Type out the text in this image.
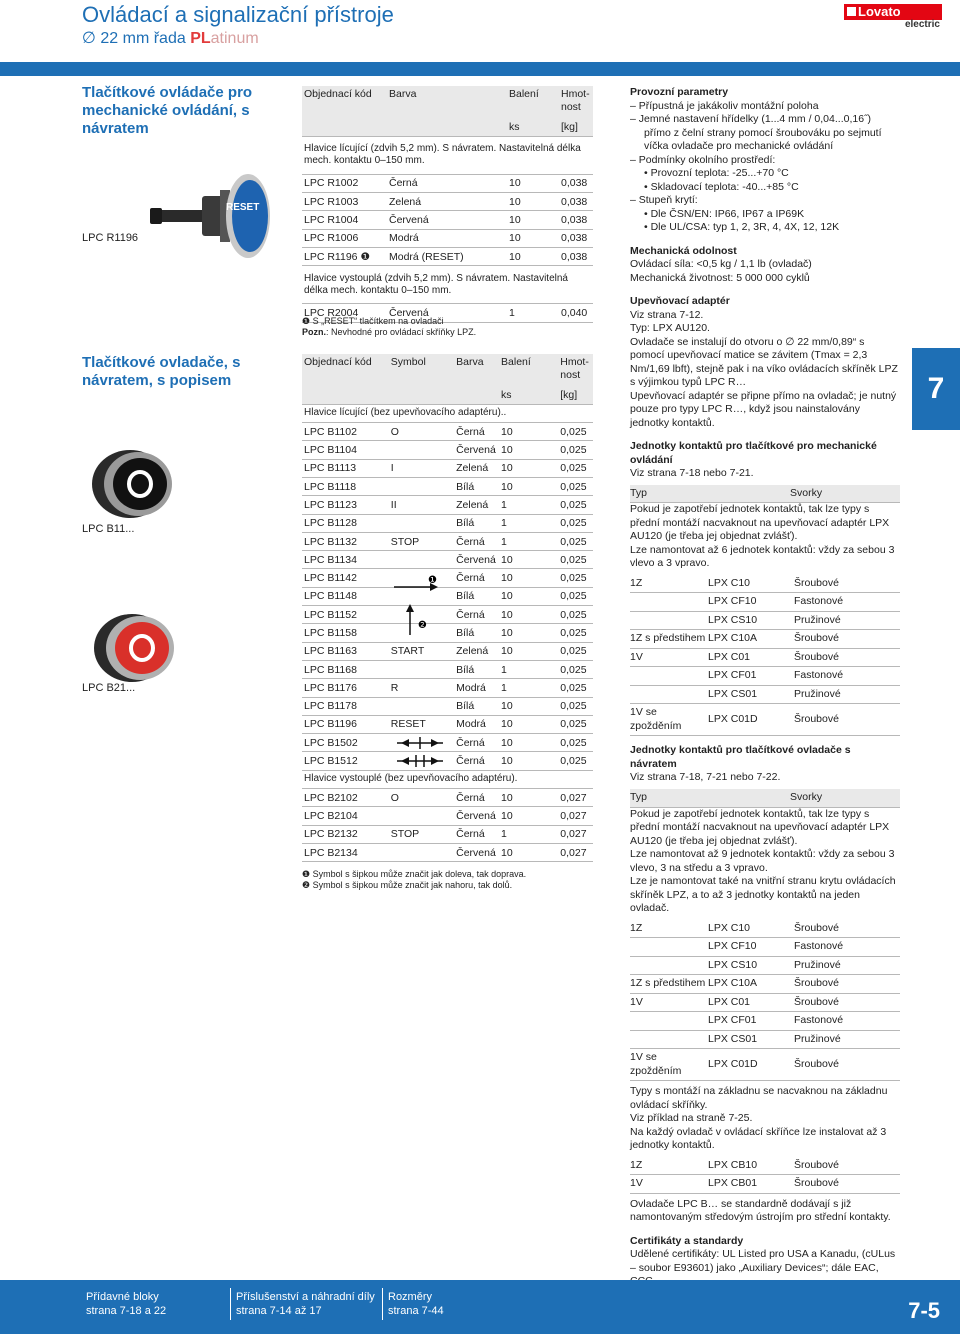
Ovládací a signalizační přístroje
∅ 22 mm řada PLatinum
Lovato
electric
Tlačítkové ovládače pro mechanické ovládání, s návratem
Tlačítkové ovladače, s návratem, s popisem
LPC R1196
LPC B11...
LPC B21...
RESET
Objednací kód	Barva	Balení	Hmot-nost
		ks	[kg]
Hlavice lícující (zdvih 5,2 mm). S návratem. Nastavitelná délka mech. kontaktu 0–150 mm.			
LPC R1002	Černá	10	0,038
LPC R1003	Zelená	10	0,038
LPC R1004	Červená	10	0,038
LPC R1006	Modrá	10	0,038
LPC R1196 ❶	Modrá (RESET)	10	0,038
Hlavice vystouplá (zdvih 5,2 mm). S návratem. Nastavitelná délka mech. kontaktu 0–150 mm.			
LPC R2004	Červená	1	0,040
❶ S „RESET“ tlačítkem na ovladači
Pozn.: Nevhodné pro ovládací skříňky LPZ.
Objednací kód	Symbol	Barva	Balení	Hmot-nost
			ks	[kg]
Hlavice lícující (bez upevňovacího adaptéru)..				
LPC B1102	O	Černá	10	0,025
LPC B1104		Červená	10	0,025
LPC B1113	I	Zelená	10	0,025
LPC B1118		Bílá	10	0,025
LPC B1123	II	Zelená	1	0,025
LPC B1128		Bílá	1	0,025
LPC B1132	STOP	Černá	1	0,025
LPC B1134		Červená	10	0,025
LPC B1142		Černá	10	0,025
LPC B1148		Bílá	10	0,025
LPC B1152		Černá	10	0,025
LPC B1158		Bílá	10	0,025
LPC B1163	START	Zelená	10	0,025
LPC B1168		Bílá	1	0,025
LPC B1176	R	Modrá	1	0,025
LPC B1178		Bílá	10	0,025
LPC B1196	RESET	Modrá	10	0,025
LPC B1502		Černá	10	0,025
LPC B1512		Černá	10	0,025
Hlavice vystouplé (bez upevňovacího adaptéru).				
LPC B2102	O	Černá	10	0,027
LPC B2104		Červená	10	0,027
LPC B2132	STOP	Černá	1	0,027
LPC B2134		Červená	10	0,027
❶
❷
❶ Symbol s šipkou může značit jak doleva, tak doprava.
❷ Symbol s šipkou může značit jak nahoru, tak dolů.
Provozní parametry
– Přípustná je jakákoliv montážní poloha
– Jemné nastavení hřídelky (1...4 mm / 0,04...0,16˝) přímo z čelní strany pomocí šroubováku po sejmutí víčka ovladače pro mechanické ovládání
– Podmínky okolního prostředí:
• Provozní teplota: -25...+70 °C
• Skladovací teplota: -40...+85 °C
– Stupeň krytí:
• Dle ČSN/EN: IP66, IP67 a IP69K
• Dle UL/CSA: typ 1, 2, 3R, 4, 4X, 12, 12K
Mechanická odolnost
Ovládací síla: <0,5 kg / 1,1 lb (ovladač)
Mechanická životnost: 5 000 000 cyklů
Upevňovací adaptér
Viz strana 7-12.
Typ: LPX AU120.
Ovladače se instalují do otvoru o ∅ 22 mm/0,89“ s pomocí upevňovací matice se závitem (Tmax = 2,3 Nm/1,69 lbft), stejně pak i na víko ovládacích skříněk LPZ s výjimkou typů LPC R…
Upevňovací adaptér se připne přímo na ovladač; je nutný pouze pro typy LPC R…, když jsou nainstalovány jednotky kontaktů.
Jednotky kontaktů pro tlačítkové pro mechanické ovládání
Viz strana 7-18 nebo 7-21.
Typ	Svorky
Pokud je zapotřebí jednotek kontaktů, tak lze typy s přední montáží nacvaknout na upevňovací adaptér LPX AU120 (je třeba jej objednat zvlášť).
Lze namontovat až 6 jednotek kontaktů: vždy za sebou 3 vlevo a 3 vpravo.
1Z	LPX C10	Šroubové
	LPX CF10	Fastonové
	LPX CS10	Pružinové
1Z s předstihem	LPX C10A	Šroubové
1V	LPX C01	Šroubové
	LPX CF01	Fastonové
	LPX CS01	Pružinové
1V se zpožděním	LPX C01D	Šroubové
Jednotky kontaktů pro tlačítkové ovladače s návratem
Viz strana 7-18, 7-21 nebo 7-22.
Typ	Svorky
Pokud je zapotřebí jednotek kontaktů, tak lze typy s přední montáží nacvaknout na upevňovací adaptér LPX AU120 (je třeba jej objednat zvlášť).
Lze namontovat až 9 jednotek kontaktů: vždy za sebou 3 vlevo, 3 na středu a 3 vpravo.
Lze je namontovat také na vnitřní stranu krytu ovládacích skříněk LPZ, a to až 3 jednotky kontaktů na jeden ovladač.
1Z	LPX C10	Šroubové
	LPX CF10	Fastonové
	LPX CS10	Pružinové
1Z s předstihem	LPX C10A	Šroubové
1V	LPX C01	Šroubové
	LPX CF01	Fastonové
	LPX CS01	Pružinové
1V se zpožděním	LPX C01D	Šroubové
Typy s montáží na základnu se nacvaknou na základnu ovládací skříňky.
Viz příklad na straně 7-25.
Na každý ovladač v ovládací skříňce lze instalovat až 3 jednotky kontaktů.
1Z	LPX CB10	Šroubové
1V	LPX CB01	Šroubové
Ovladače LPC B… se standardně dodávají s již namontovaným středovým ústrojím pro střední kontakty.
Certifikáty a standardy
Udělené certifikáty: UL Listed pro USA a Kanadu, (cULus – soubor E93601) jako „Auxiliary Devices“; dále EAC,

7
Přídavné bloky
strana 7-18 a 22
Příslušenství a náhradní díly
strana 7-14 až 17
Rozměry
strana 7-44	7-5
